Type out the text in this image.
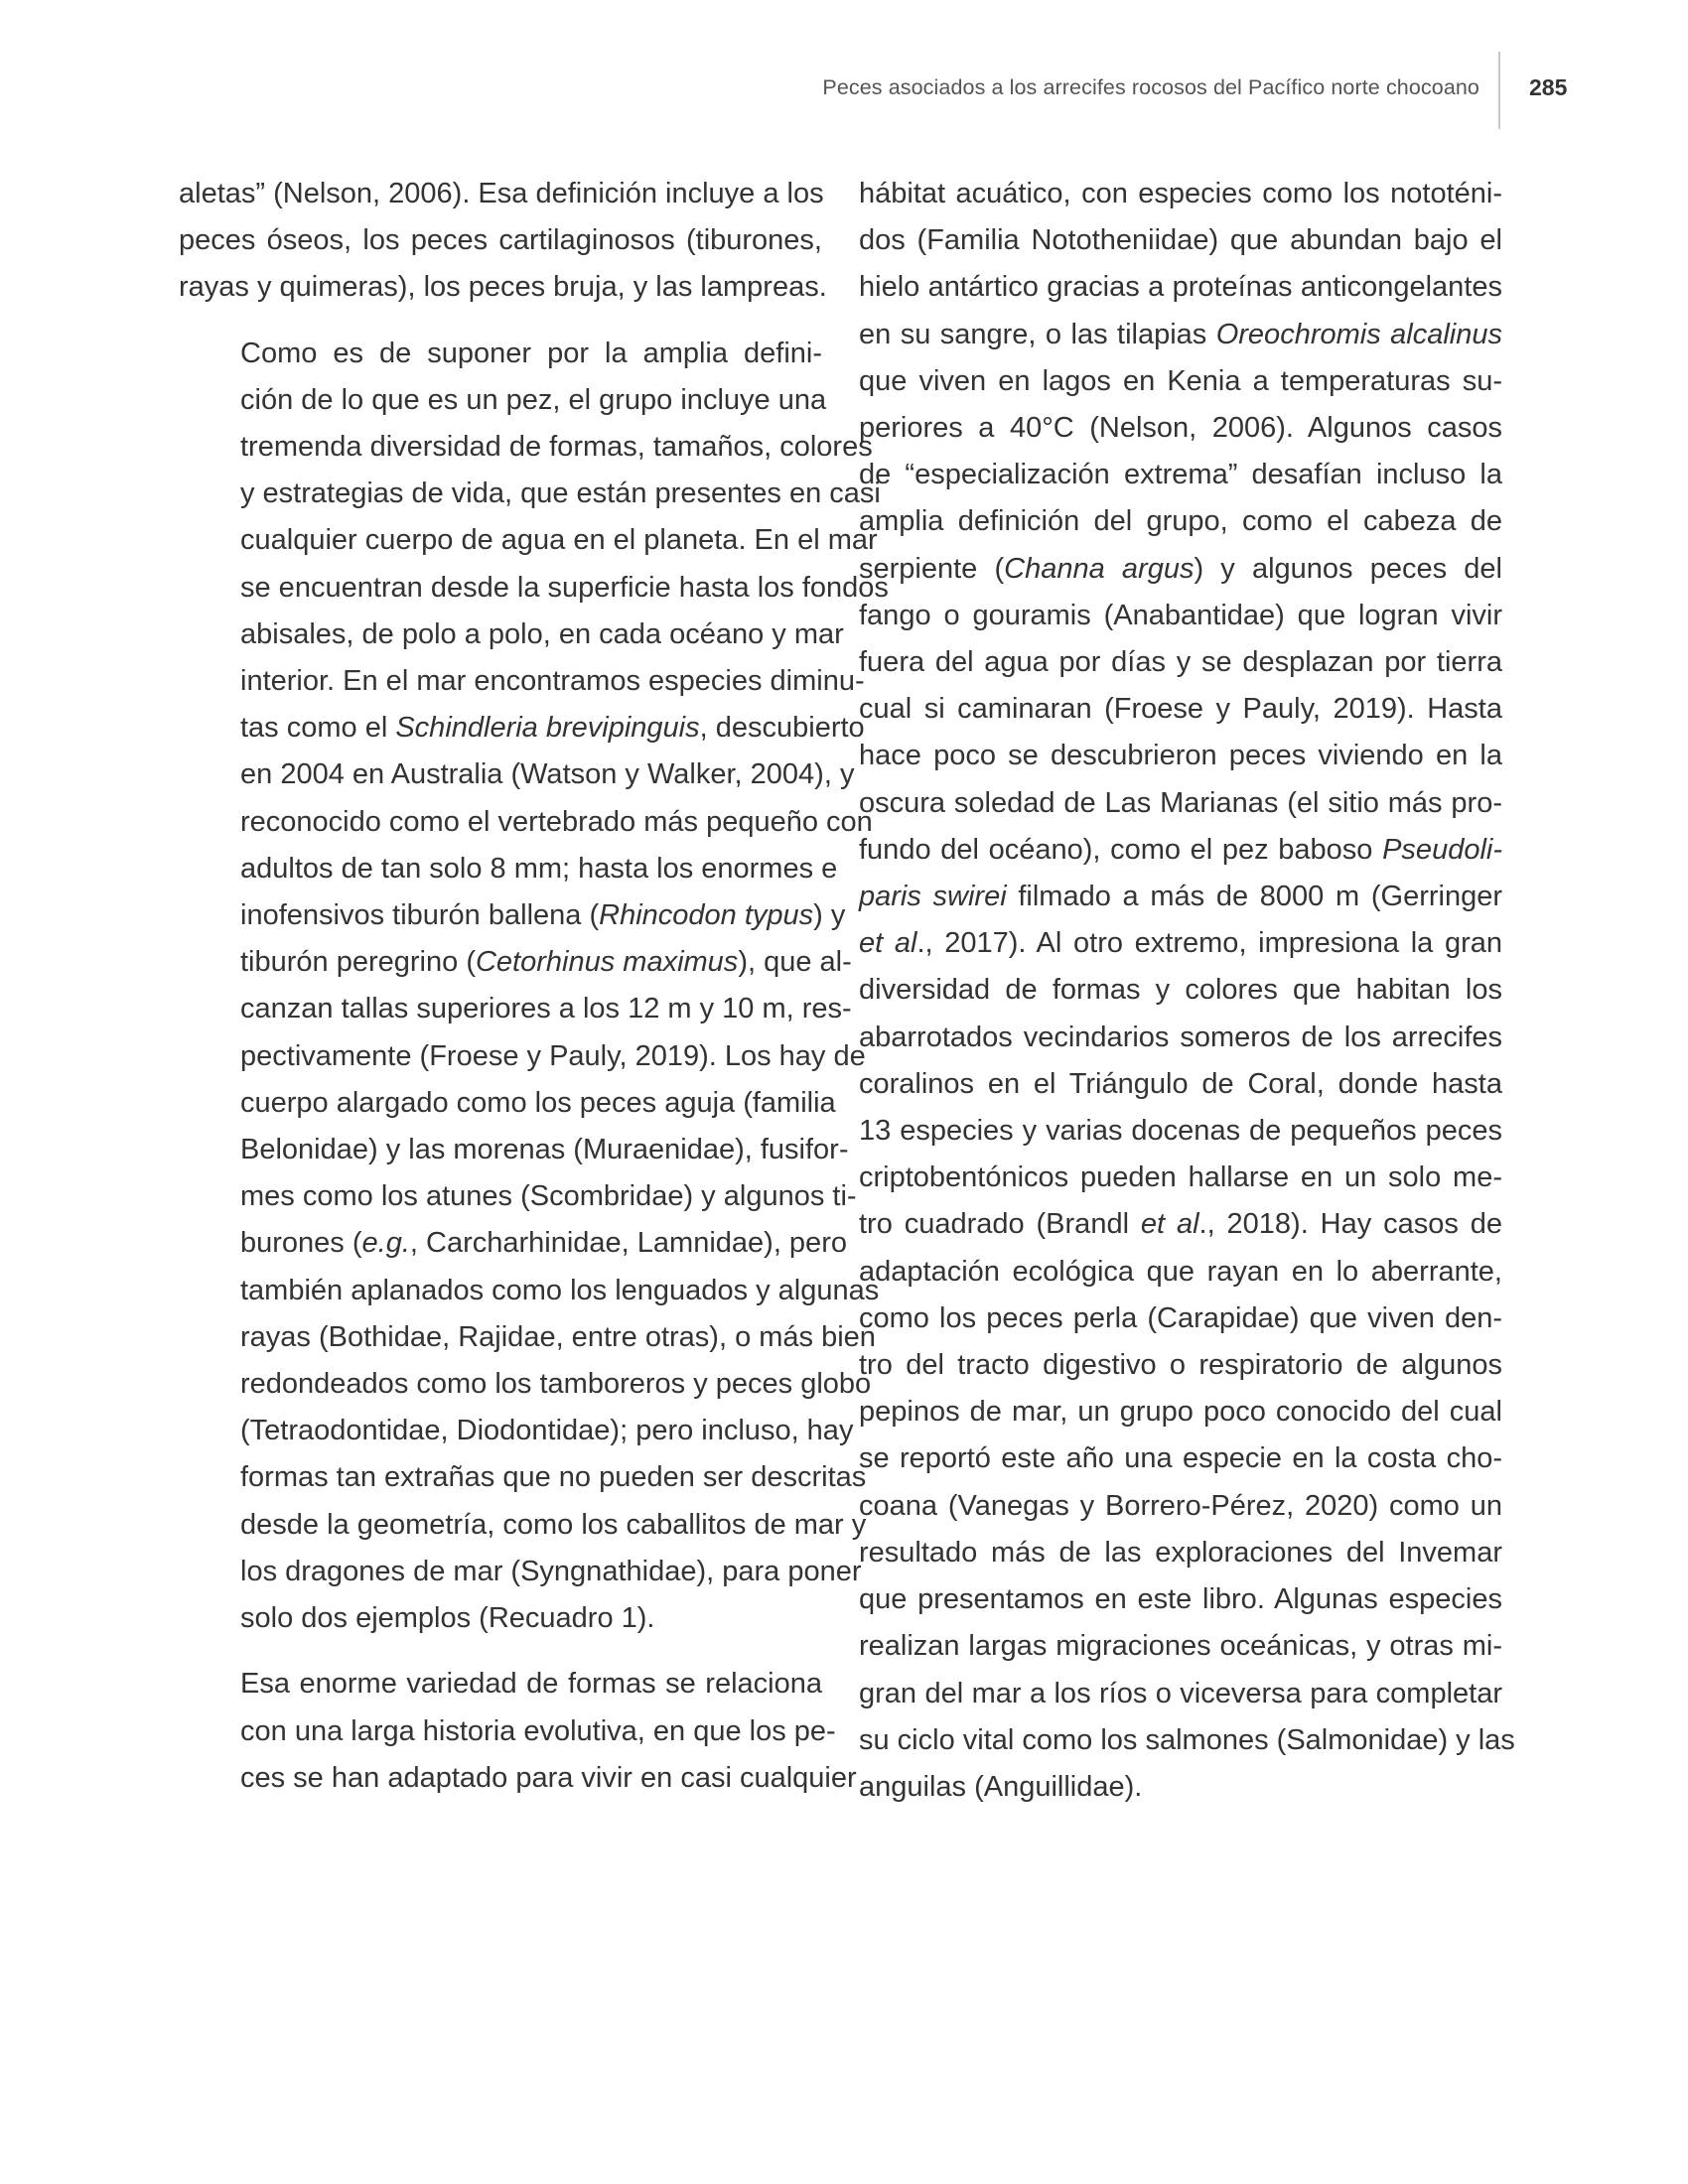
Peces asociados a los arrecifes rocosos del Pacífico norte chocoano 285

aletas” (Nelson, 2006). Esa definición incluye a los
peces óseos, los peces cartilaginosos (tiburones,
rayas y quimeras), los peces bruja, y las lampreas.

Como es de suponer por la amplia defini-
ción de lo que es un pez, el grupo incluye una
tremenda diversidad de formas, tamaños, colores
y estrategias de vida, que están presentes en casi
cualquier cuerpo de agua en el planeta. En el mar
se encuentran desde la superficie hasta los fondos
abisales, de polo a polo, en cada océano y mar
interior. En el mar encontramos especies diminu-
tas como el Schindleria brevipinguis, descubierto
en 2004 en Australia (Watson y Walker, 2004), y
reconocido como el vertebrado más pequeño con
adultos de tan solo 8 mm; hasta los enormes e
inofensivos tiburón ballena (Rhincodon typus) y
tiburón peregrino (Cetorhinus maximus), que al-
canzan tallas superiores a los 12 m y 10 m, res-
pectivamente (Froese y Pauly, 2019). Los hay de
cuerpo alargado como los peces aguja (familia
Belonidae) y las morenas (Muraenidae), fusifor-
mes como los atunes (Scombridae) y algunos ti-
burones (e.g., Carcharhinidae, Lamnidae), pero
también aplanados como los lenguados y algunas
rayas (Bothidae, Rajidae, entre otras), o más bien
redondeados como los tamboreros y peces globo
(Tetraodontidae, Diodontidae); pero incluso, hay
formas tan extrañas que no pueden ser descritas
desde la geometría, como los caballitos de mar y
los dragones de mar (Syngnathidae), para poner
solo dos ejemplos (Recuadro 1).

Esa enorme variedad de formas se relaciona
con una larga historia evolutiva, en que los pe-
ces se han adaptado para vivir en casi cualquier

hábitat acuático, con especies como los nototéni-
dos (Familia Nototheniidae) que abundan bajo el
hielo antártico gracias a proteínas anticongelantes
en su sangre, o las tilapias Oreochromis alcalinus
que viven en lagos en Kenia a temperaturas su-
periores a 40°C (Nelson, 2006). Algunos casos
de “especialización extrema” desafían incluso la
amplia definición del grupo, como el cabeza de
serpiente (Channa argus) y algunos peces del
fango o gouramis (Anabantidae) que logran vivir
fuera del agua por días y se desplazan por tierra
cual si caminaran (Froese y Pauly, 2019). Hasta
hace poco se descubrieron peces viviendo en la
oscura soledad de Las Marianas (el sitio más pro-
fundo del océano), como el pez baboso Pseudoli-
paris swirei filmado a más de 8000 m (Gerringer
et al., 2017). Al otro extremo, impresiona la gran
diversidad de formas y colores que habitan los
abarrotados vecindarios someros de los arrecifes
coralinos en el Triángulo de Coral, donde hasta
13 especies y varias docenas de pequeños peces
criptobentónicos pueden hallarse en un solo me-
tro cuadrado (Brandl et al., 2018). Hay casos de
adaptación ecológica que rayan en lo aberrante,
como los peces perla (Carapidae) que viven den-
tro del tracto digestivo o respiratorio de algunos
pepinos de mar, un grupo poco conocido del cual
se reportó este año una especie en la costa cho-
coana (Vanegas y Borrero-Pérez, 2020) como un
resultado más de las exploraciones del Invemar
que presentamos en este libro. Algunas especies
realizan largas migraciones oceánicas, y otras mi-
gran del mar a los ríos o viceversa para completar
su ciclo vital como los salmones (Salmonidae) y las
anguilas (Anguillidae).
